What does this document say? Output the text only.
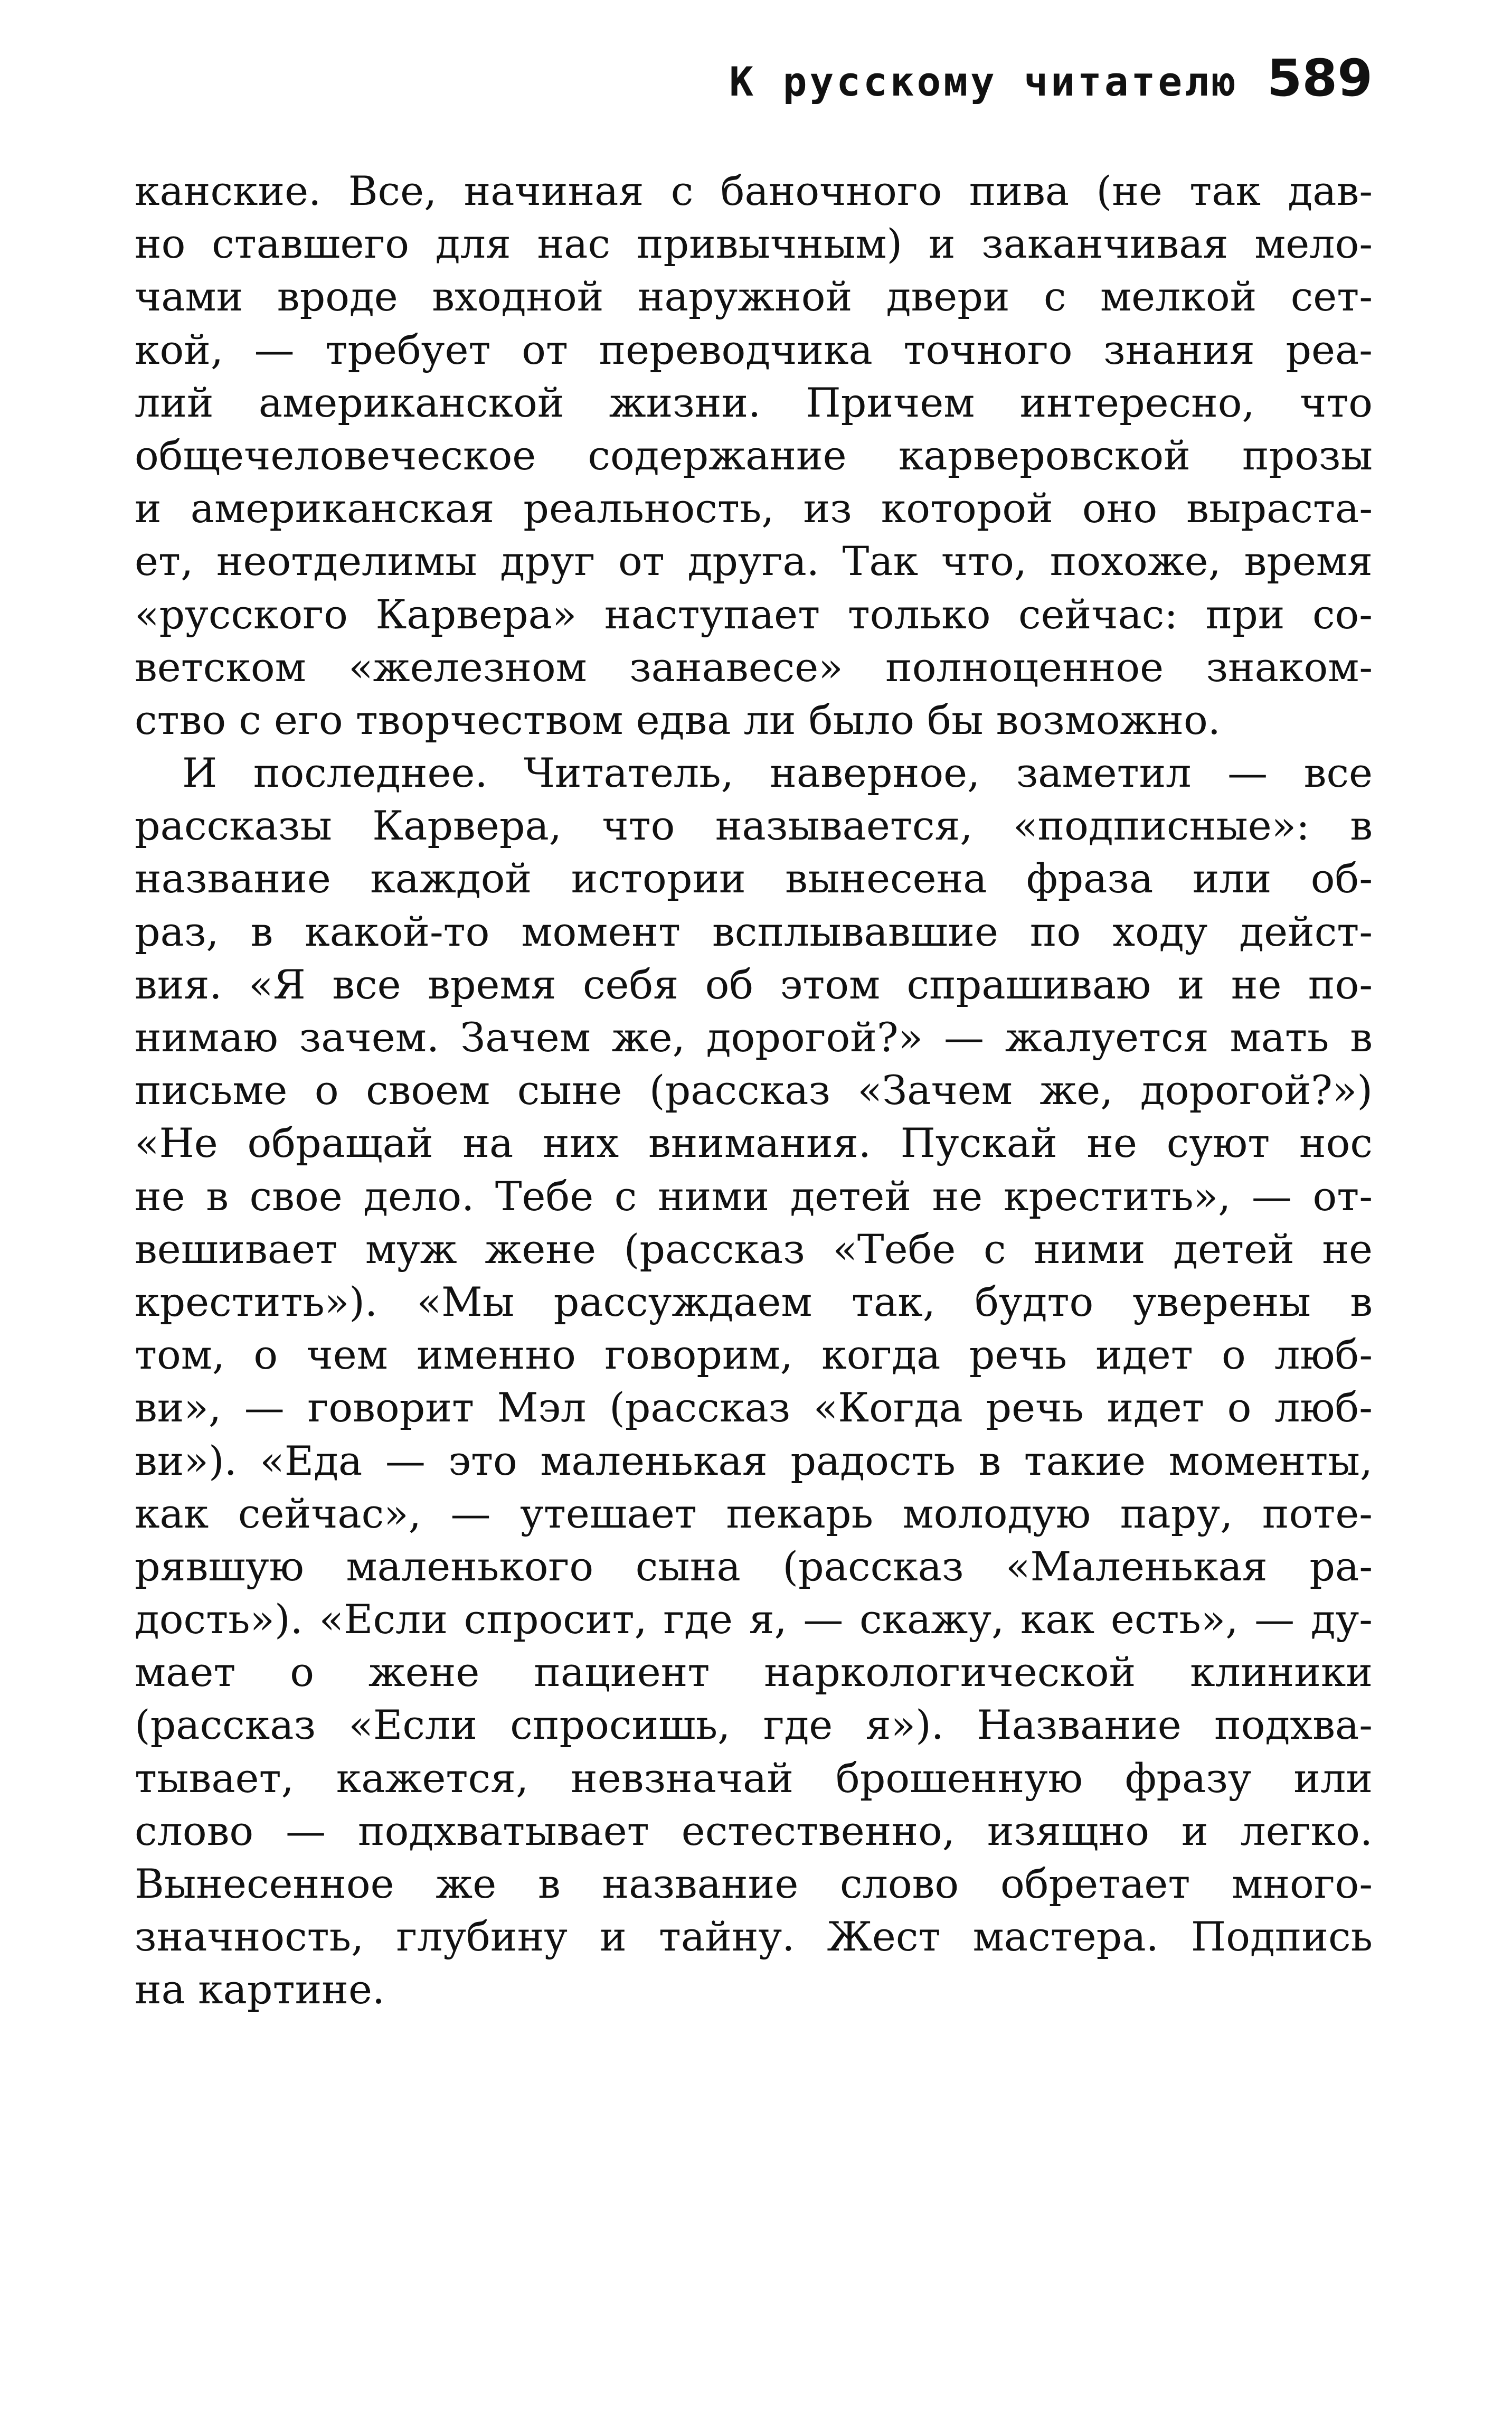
К русскому читателю 589
канские. Все, начиная с баночного пива (не так дав-
но ставшего для нас привычным) и заканчивая мело-
чами вроде входной наружной двери с мелкой сет-
кой, — требует от переводчика точного знания реа-
лий американской жизни. Причем интересно, что
общечеловеческое содержание карверовской прозы
и американская реальность, из которой оно выраста-
ет, неотделимы друг от друга. Так что, похоже, время
«русского Карвера» наступает только сейчас: при со-
ветском «железном занавесе» полноценное знаком-
ство с его творчеством едва ли было бы возможно.
И последнее. Читатель, наверное, заметил — все
рассказы Карвера, что называется, «подписные»: в
название каждой истории вынесена фраза или об-
раз, в какой-то момент всплывавшие по ходу дейст-
вия. «Я все время себя об этом спрашиваю и не по-
нимаю зачем. Зачем же, дорогой?» — жалуется мать в
письме о своем сыне (рассказ «Зачем же, дорогой?»)
«Не обращай на них внимания. Пускай не суют нос
не в свое дело. Тебе с ними детей не крестить», — от-
вешивает муж жене (рассказ «Тебе с ними детей не
крестить»). «Мы рассуждаем так, будто уверены в
том, о чем именно говорим, когда речь идет о люб-
ви», — говорит Мэл (рассказ «Когда речь идет о люб-
ви»). «Еда — это маленькая радость в такие моменты,
как сейчас», — утешает пекарь молодую пару, поте-
рявшую маленького сына (рассказ «Маленькая ра-
дость»). «Если спросит, где я, — скажу, как есть», — ду-
мает о жене пациент наркологической клиники
(рассказ «Если спросишь, где я»). Название подхва-
тывает, кажется, невзначай брошенную фразу или
слово — подхватывает естественно, изящно и легко.
Вынесенное же в название слово обретает много-
значность, глубину и тайну. Жест мастера. Подпись
на картине.
